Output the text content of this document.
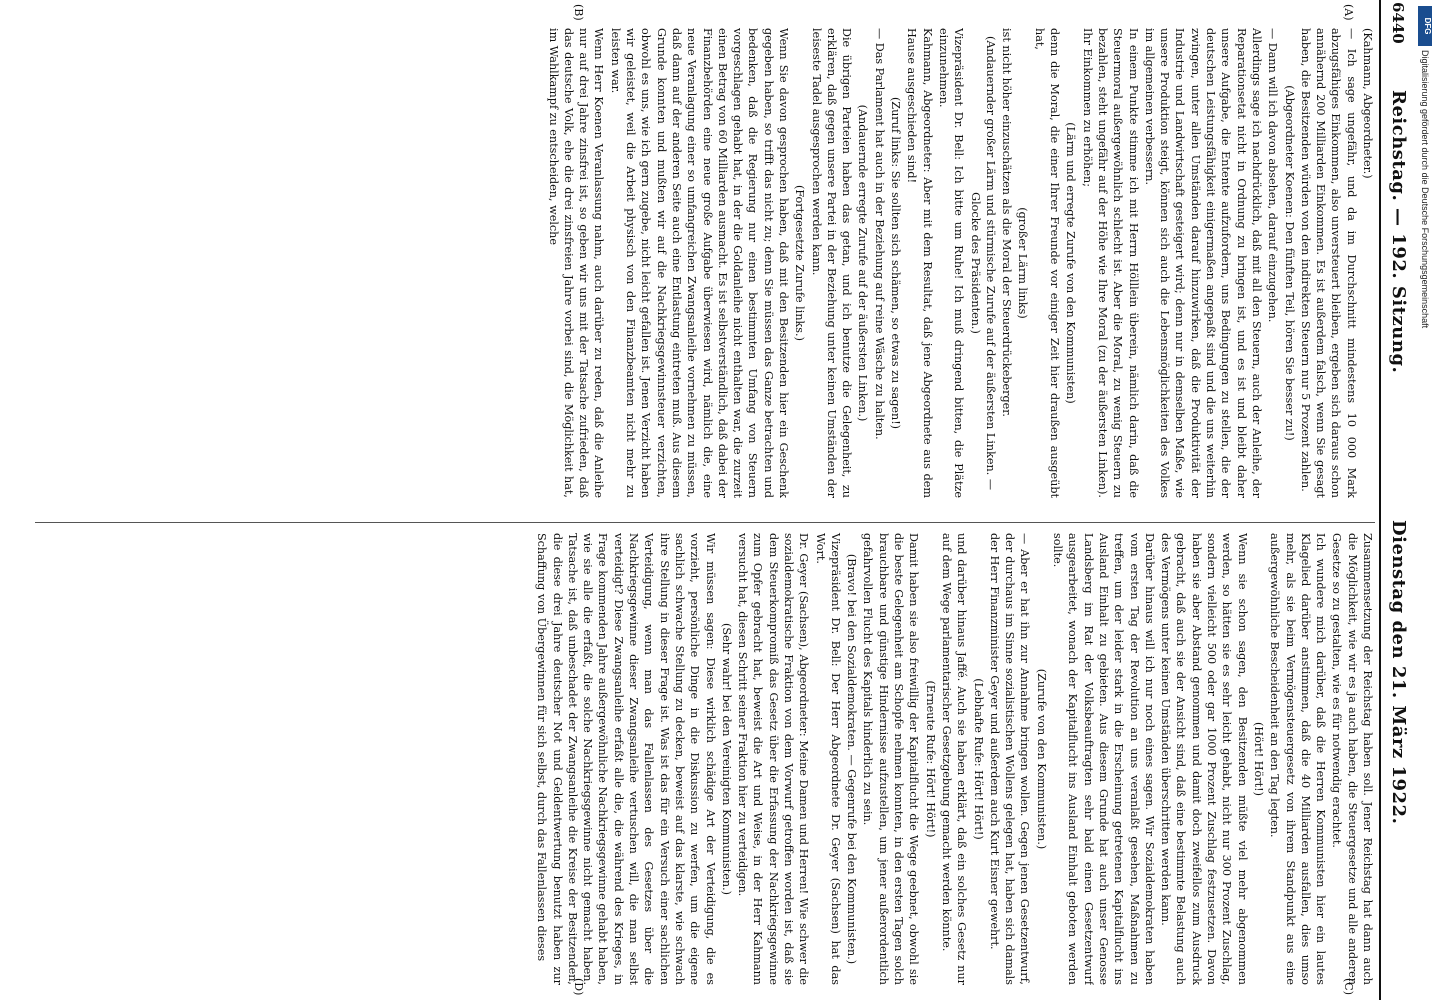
6440
Reichstag. — 192. Sitzung.
Dienstag den 21. März 1922.
(A)
(B)
(C)
(D)

(Kahmann, Abgeordneter.)

— Ich sage ungefähr, und da im Durchschnitt mindestens 10 000 Mark abzugsfähiges Einkommen, also unversteuert bleiben, ergeben sich daraus schon annähernd 200 Milliarden Einkommen. Es ist außerdem falsch, wenn Sie gesagt haben, die Besitzenden würden von den indirekten Steuern nur 5 Prozent zahlen.

(Abgeordneter Koenen: Den fünften Teil, hören Sie besser zu!)

— Dann will ich davon absehen, darauf einzugehen.

Allerdings sage ich nachdrücklich, daß mit all den Steuern, auch der Anleihe, der Reparationsetat nicht in Ordnung zu bringen ist, und es ist und bleibt daher unsere Aufgabe, die Entente aufzufordern, uns Bedingungen zu stellen, die der deutschen Leistungsfähigkeit einigermaßen angepaßt sind und die uns weiterhin zwingen, unter allen Umständen darauf hinzuwirken, daß die Produktivität der Industrie und Landwirtschaft gesteigert wird; denn nur in demselben Maße, wie unsere Produktion steigt, können sich auch die Lebensmöglichkeiten des Volkes im allgemeinen verbessern.

In einem Punkte stimme ich mit Herrn Hölllein überein, nämlich darin, daß die Steuermoral außergewöhnlich schlecht ist. Aber die Moral, zu wenig Steuern zu bezahlen, steht ungefähr auf der Höhe wie Ihre Moral (zu der äußersten Linken). Ihr Einkommen zu erhöhen;

(Lärm und erregte Zurufe von den Kommunisten)

denn die Moral, die einer Ihrer Freunde vor einiger Zeit hier draußen ausgeübt hat,

(großer Lärm links)

ist nicht höher einzuschätzen als die Moral der Steuerdrückeberger.

(Andauernder großer Lärm und stürmische Zurufe auf der äußersten Linken. — Glocke des Präsidenten.)

Vizepräsident Dr. Bell: Ich bitte um Ruhe! Ich muß dringend bitten, die Plätze einzunehmen.

Kahmann, Abgeordneter: Aber mit dem Resultat, daß jene Abgeordnete aus dem Hause ausgeschieden sind!

(Zuruf links: Sie sollten sich schämen, so etwas zu sagen!)

— Das Parlament hat auch in der Beziehung auf reine Wäsche zu halten.

(Andauernde erregte Zurufe auf der äußersten Linken.)

Die übrigen Parteien haben das getan, und ich benutze die Gelegenheit, zu erklären, daß gegen unsere Partei in der Beziehung unter keinen Umständen der leiseste Tadel ausgesprochen werden kann.

(Fortgesetzte Zurufe links.)

Wenn Sie davon gesprochen haben, daß mit den Besitzenden hier ein Geschenk gegeben haben, so trifft das nicht zu; denn Sie müssen das Ganze betrachten und bedenken, daß die Regierung nur einen bestimmten Umfang von Steuern vorgeschlagen gehabt hat, in der die Goldanleihe nicht enthalten war, die zurzeit einen Betrag von 60 Milliarden ausmacht. Es ist selbstverständlich, daß dabei der Finanzbehörden eine neue große Aufgabe überwiesen wird, nämlich die, eine neue Veranlagung einer so umfangreichen Zwangsanleihe vornehmen zu müssen, daß dann auf der anderen Seite auch eine Entlastung eintreten muß. Aus diesem Grunde konnten und mußten wir auf die Nachkriegsgewinnsteuer verzichten, obwohl es uns, wie ich gern zugebe, nicht leicht gefallen ist. Jenen Verzicht haben wir geleistet, weil die Arbeit physisch von den Finanzbeamten nicht mehr zu leisten war.

Wenn Herr Koenen Veranlassung nahm, auch darüber zu reden, daß die Anleihe nur auf drei Jahre zinsfrei ist, so geben wir uns mit der Tatsache zufrieden, daß das deutsche Volk, ehe die drei zinsfreien Jahre vorbei sind, die Möglichkeit hat, im Wahlkampf zu entscheiden, welche

Zusammensetzung der Reichstag haben soll. Jener Reichstag hat dann auch die Möglichkeit, wie wir es ja auch haben, die Steuergesetze und alle anderen Gesetze so zu gestalten, wie es für notwendig erachtet.

Ich wundere mich darüber, daß die Herren Kommunisten hier ein lautes Klagelied darüber anstimmen, daß die 40 Milliarden ausfallen, dies umso mehr, als sie beim Vermögensteuergesetz von ihrem Standpunkt aus eine außergewöhnliche Bescheidenheit an den Tag legten.

(Hört! Hört!)

Wenn sie schon sagen, den Besitzenden müßte viel mehr abgenommen werden, so hätten sie es sehr leicht gehabt, nicht nur 300 Prozent Zuschlag, sondern vielleicht 500 oder gar 1000 Prozent Zuschlag festzusetzen. Davon haben sie aber Abstand genommen und damit doch zweifellos zum Ausdruck gebracht, daß auch sie der Ansicht sind, daß eine bestimmte Belastung auch des Vermögens unter keinen Umständen überschritten werden kann.

Darüber hinaus will ich nur noch eines sagen. Wir Sozialdemokraten haben vom ersten Tag der Revolution an uns veranlaßt gesehen, Maßnahmen zu treffen, um der leider stark in die Erscheinung getretenen Kapitalflucht ins Ausland Einhalt zu gebieten. Aus diesem Grunde hat auch unser Genosse Landsberg im Rat der Volksbeauftragten sehr bald einen Gesetzentwurf ausgearbeitet, wonach der Kapitalflucht ins Ausland Einhalt geboten werden sollte.

(Zurufe von den Kommunisten.)

— Aber er hat ihn zur Annahme bringen wollen. Gegen jenen Gesetzentwurf, der durchaus im Sinne sozialistischen Wollens gelegen hat, haben sich damals der Herr Finanzminister Geyer und außerdem auch Kurt Eisner gewehrt.

(Lebhafte Rufe: Hört! Hört!)

und darüber hinaus Jaffé. Auch sie haben erklärt, daß ein solches Gesetz nur auf dem Wege parlamentarischer Gesetzgebung gemacht werden könnte.

(Erneute Rufe: Hört! Hört!)

Damit haben sie also freiwillig der Kapitalflucht die Wege geebnet, obwohl sie die beste Gelegenheit am Schopfe nehmen konnten, in den ersten Tagen solch brauchbare und günstige Hindernisse aufzustellen, um jener außerordentlich gefahrvollen Flucht des Kapitals hinderlich zu sein.

(Bravo! bei den Sozialdemokraten. — Gegenrufe bei den Kommunisten.)

Vizepräsident Dr. Bell: Der Herr Abgeordnete Dr. Geyer (Sachsen) hat das Wort.

Dr. Geyer (Sachsen), Abgeordneter: Meine Damen und Herren! Wie schwer die sozialdemokratische Fraktion von dem Vorwurf getroffen worden ist, daß sie dem Steuerkompromiß das Gesetz über die Erfassung der Nachkriegsgewinne zum Opfer gebracht hat, beweist die Art und Weise, in der Herr Kahmann versucht hat, diesen Schritt seiner Fraktion hier zu verteidigen.

(Sehr wahr! bei den Vereinigten Kommunisten.)

Wir müssen sagen: Diese wirklich schädige Art der Verteidigung, die es vorzieht, persönliche Dinge in die Diskussion zu werfen, um die eigene sachlich schwache Stellung zu decken, beweist auf das klarste, wie schwach ihre Stellung in dieser Frage ist. Was ist das für ein Versuch einer sachlichen Verteidigung, wenn man das Fallenlassen des Gesetzes über die Nachkriegsgewinne dieser Zwangsanleihe vertuschen will, die man selbst verteidigt? Diese Zwangsanleihe erfaßt alle die, die während des Krieges, in Frage kommenden Jahre außergewöhnliche Nachkriegsgewinne gehabt haben, wie sie alle die erfaßt, die solche Nachkriegsgewinne nicht gemacht haben. Tatsache ist, daß unbeschadet der Zwangsanleihe die Kreise der Besitzenden, die diese drei Jahre deutscher Not und Geldentwertung benutzt haben zur Schaffung von Übergewinnen für sich selbst, durch das Fallenlassen dieses

DFG
Digitalisierung gefördert durch die Deutsche Forschungsgemeinschaft
